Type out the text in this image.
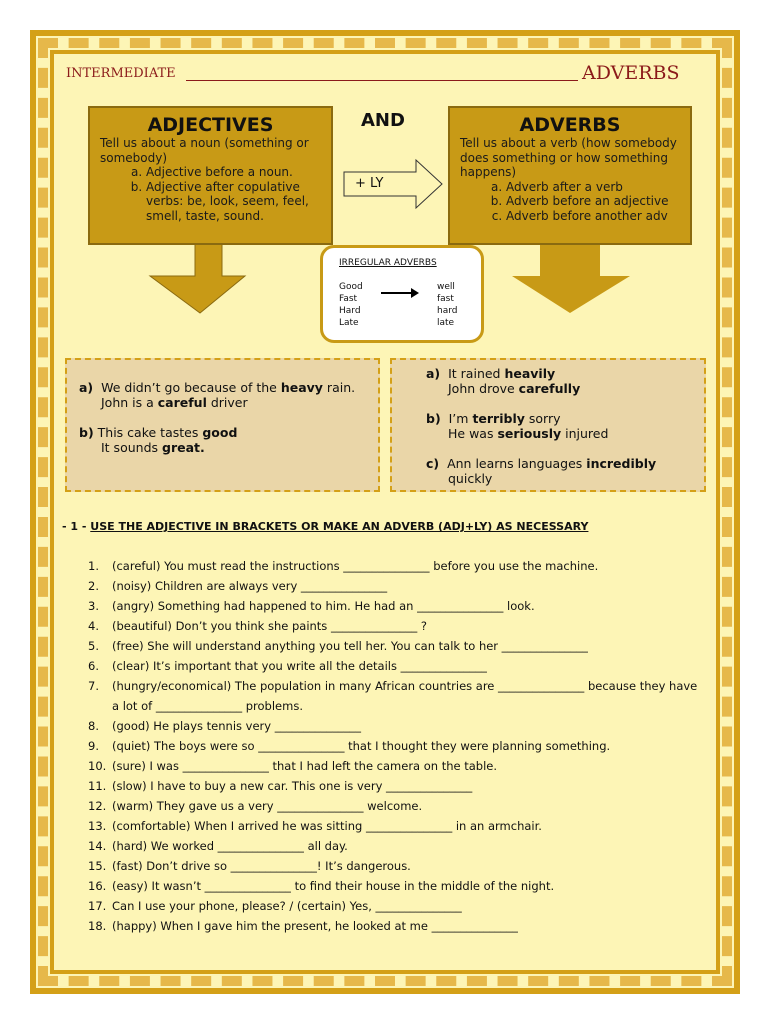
INTERMEDIATE	ADVERBS
+ LY
ADJECTIVES

Tell us about a noun (something or somebody)

a. Adjective before a noun.
b. Adjective after copulative verbs: be, look, seem, feel, smell, taste, sound.
AND	ADVERBS

Tell us about a verb (how somebody does something or how something happens)

a. Adverb after a verb
b. Adverb before an adjective
c. Adverb before another adv
IRREGULAR ADVERBS
Good
Fast
Hard
Late
well
fast
hard
late

a) We didn’t go because of the heavy rain.

John is a careful driver

b) This cake tastes good

It sounds great.

a) It rained heavily

John drove carefully

b) I’m terribly sorry

He was seriously injured

c) Ann learns languages incredibly

quickly

- 1 - USE THE ADJECTIVE IN BRACKETS OR MAKE AN ADVERB (ADJ+LY) AS NECESSARY
1. (careful) You must read the instructions _______________ before you use the machine.
2. (noisy) Children are always very _______________
3. (angry) Something had happened to him. He had an _______________ look.
4. (beautiful) Don’t you think she paints _______________ ?
5. (free) She will understand anything you tell her. You can talk to her _______________
6. (clear) It’s important that you write all the details _______________
7. (hungry/economical) The population in many African countries are _______________ because they have a lot of _______________ problems.
8. (good) He plays tennis very _______________
9. (quiet) The boys were so _______________ that I thought they were planning something.
10. (sure) I was _______________ that I had left the camera on the table.
11. (slow) I have to buy a new car. This one is very _______________
12. (warm) They gave us a very _______________ welcome.
13. (comfortable) When I arrived he was sitting _______________ in an armchair.
14. (hard) We worked _______________ all day.
15. (fast) Don’t drive so _______________! It’s dangerous.
16. (easy) It wasn’t _______________ to find their house in the middle of the night.
17. Can I use your phone, please? / (certain) Yes, _______________
18. (happy) When I gave him the present, he looked at me _______________
